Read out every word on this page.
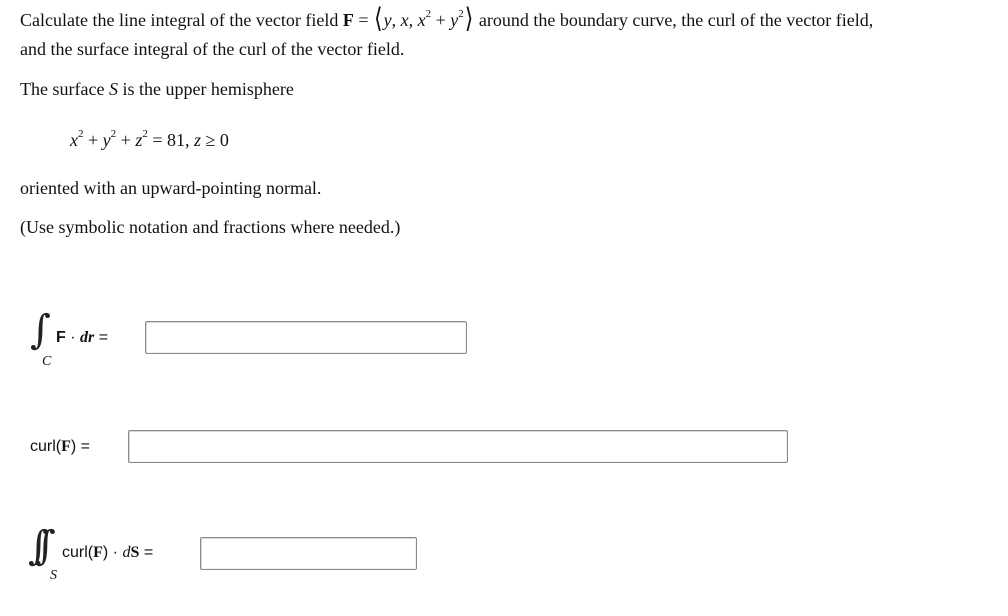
Calculate the line integral of the vector field F = ⟨y, x, $x^2$ + $y^2⟩$ around the boundary curve, the curl of the vector field,
and the surface integral of the curl of the vector field.
The surface S is the upper hemisphere
$x^2 + y^2 + z^2 = 81$, z ≥ 0
oriented with an upward-pointing normal.
(Use symbolic notation and fractions where needed.)
∫
C
F · dr =
curl(F) =
∫∫
S
curl(F) · dS =
